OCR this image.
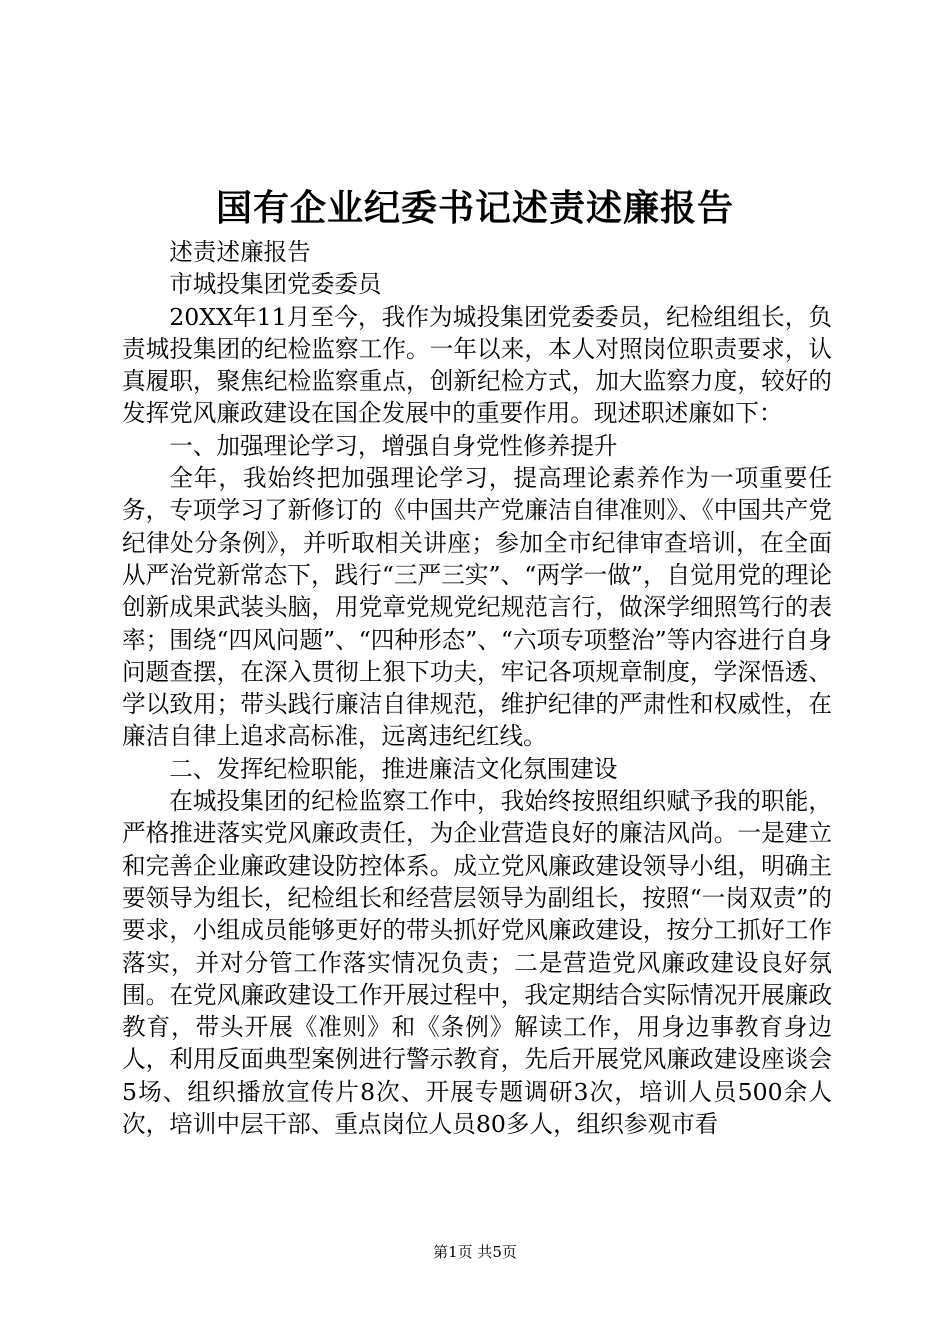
国有企业纪委书记述责述廉报告

述责述廉报告

市城投集团党委委员

20XX年11月至今，我作为城投集团党委委员，纪检组组长，负责城投集团的纪检监察工作。一年以来，本人对照岗位职责要求，认真履职，聚焦纪检监察重点，创新纪检方式，加大监察力度，较好的发挥党风廉政建设在国企发展中的重要作用。现述职述廉如下：

一、加强理论学习，增强自身党性修养提升

全年，我始终把加强理论学习，提高理论素养作为一项重要任务，专项学习了新修订的《中国共产党廉洁自律准则》、《中国共产党纪律处分条例》，并听取相关讲座；参加全市纪律审查培训，在全面从严治党新常态下，践行“三严三实”、“两学一做”，自觉用党的理论创新成果武装头脑，用党章党规党纪规范言行，做深学细照笃行的表率；围绕“四风问题”、“四种形态”、“六项专项整治”等内容进行自身问题查摆，在深入贯彻上狠下功夫，牢记各项规章制度，学深悟透、学以致用；带头践行廉洁自律规范，维护纪律的严肃性和权威性，在廉洁自律上追求高标准，远离违纪红线。

二、发挥纪检职能，推进廉洁文化氛围建设

在城投集团的纪检监察工作中，我始终按照组织赋予我的职能，严格推进落实党风廉政责任，为企业营造良好的廉洁风尚。一是建立和完善企业廉政建设防控体系。成立党风廉政建设领导小组，明确主要领导为组长，纪检组长和经营层领导为副组长，按照“一岗双责”的要求，小组成员能够更好的带头抓好党风廉政建设，按分工抓好工作落实，并对分管工作落实情况负责；二是营造党风廉政建设良好氛围。在党风廉政建设工作开展过程中，我定期结合实际情况开展廉政教育，带头开展《准则》和《条例》解读工作，用身边事教育身边人，利用反面典型案例进行警示教育，先后开展党风廉政建设座谈会5场、组织播放宣传片8次、开展专题调研3次，培训人员500余人次，培训中层干部、重点岗位人员80多人，组织参观市看

第1页 共5页
